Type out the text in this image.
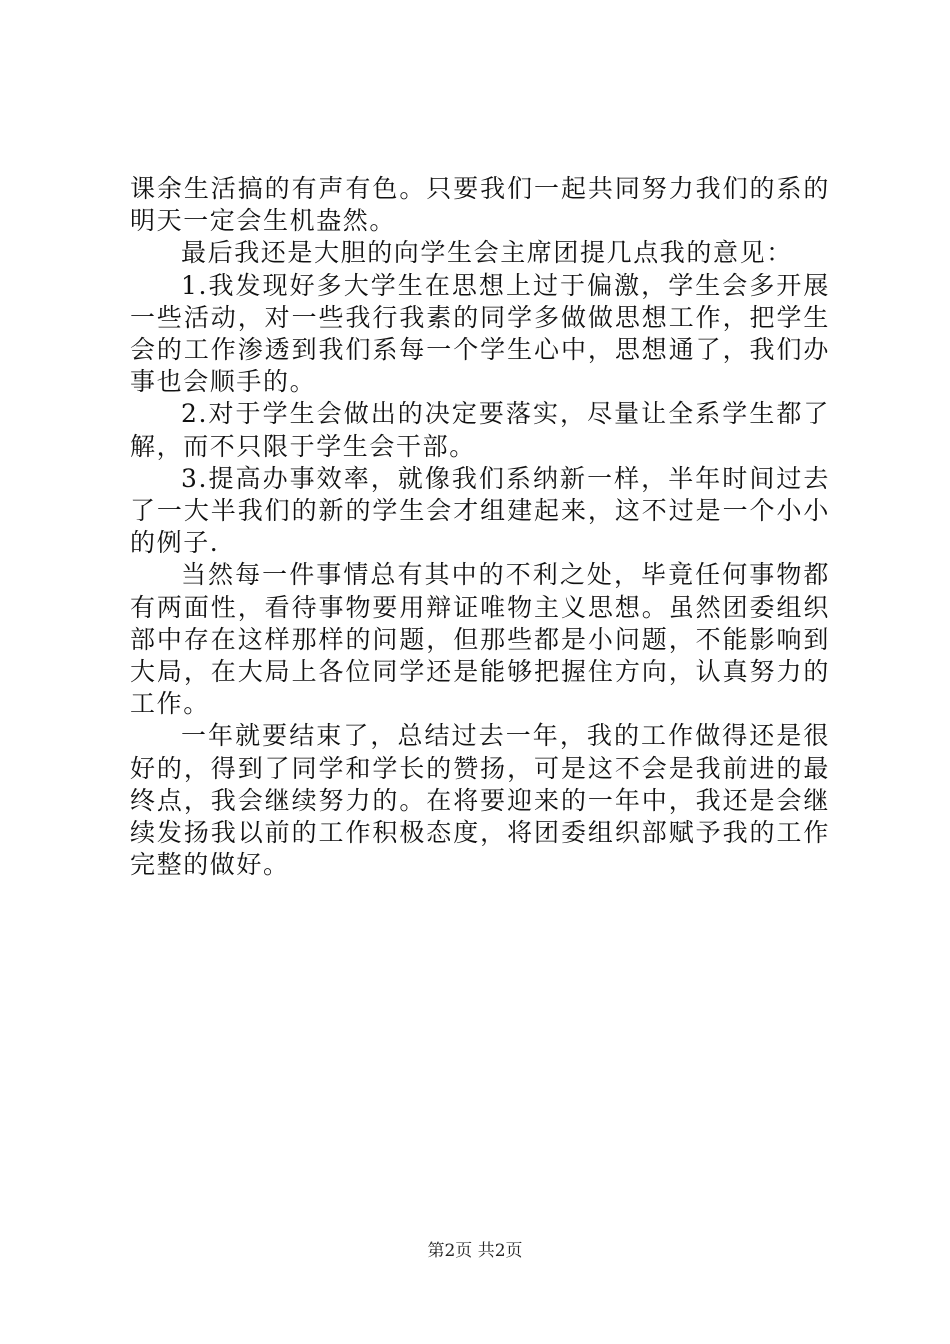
课余生活搞的有声有色。只要我们一起共同努力我们的系的明天一定会生机盎然。

最后我还是大胆的向学生会主席团提几点我的意见：

1.我发现好多大学生在思想上过于偏激，学生会多开展一些活动，对一些我行我素的同学多做做思想工作，把学生会的工作渗透到我们系每一个学生心中，思想通了，我们办事也会顺手的。

2.对于学生会做出的决定要落实，尽量让全系学生都了解，而不只限于学生会干部。

3.提高办事效率，就像我们系纳新一样，半年时间过去了一大半我们的新的学生会才组建起来，这不过是一个小小的例子.

当然每一件事情总有其中的不利之处，毕竟任何事物都有两面性，看待事物要用辩证唯物主义思想。虽然团委组织部中存在这样那样的问题，但那些都是小问题，不能影响到大局，在大局上各位同学还是能够把握住方向，认真努力的工作。

一年就要结束了，总结过去一年，我的工作做得还是很好的，得到了同学和学长的赞扬，可是这不会是我前进的最终点，我会继续努力的。在将要迎来的一年中，我还是会继续发扬我以前的工作积极态度，将团委组织部赋予我的工作完整的做好。

第2页 共2页
